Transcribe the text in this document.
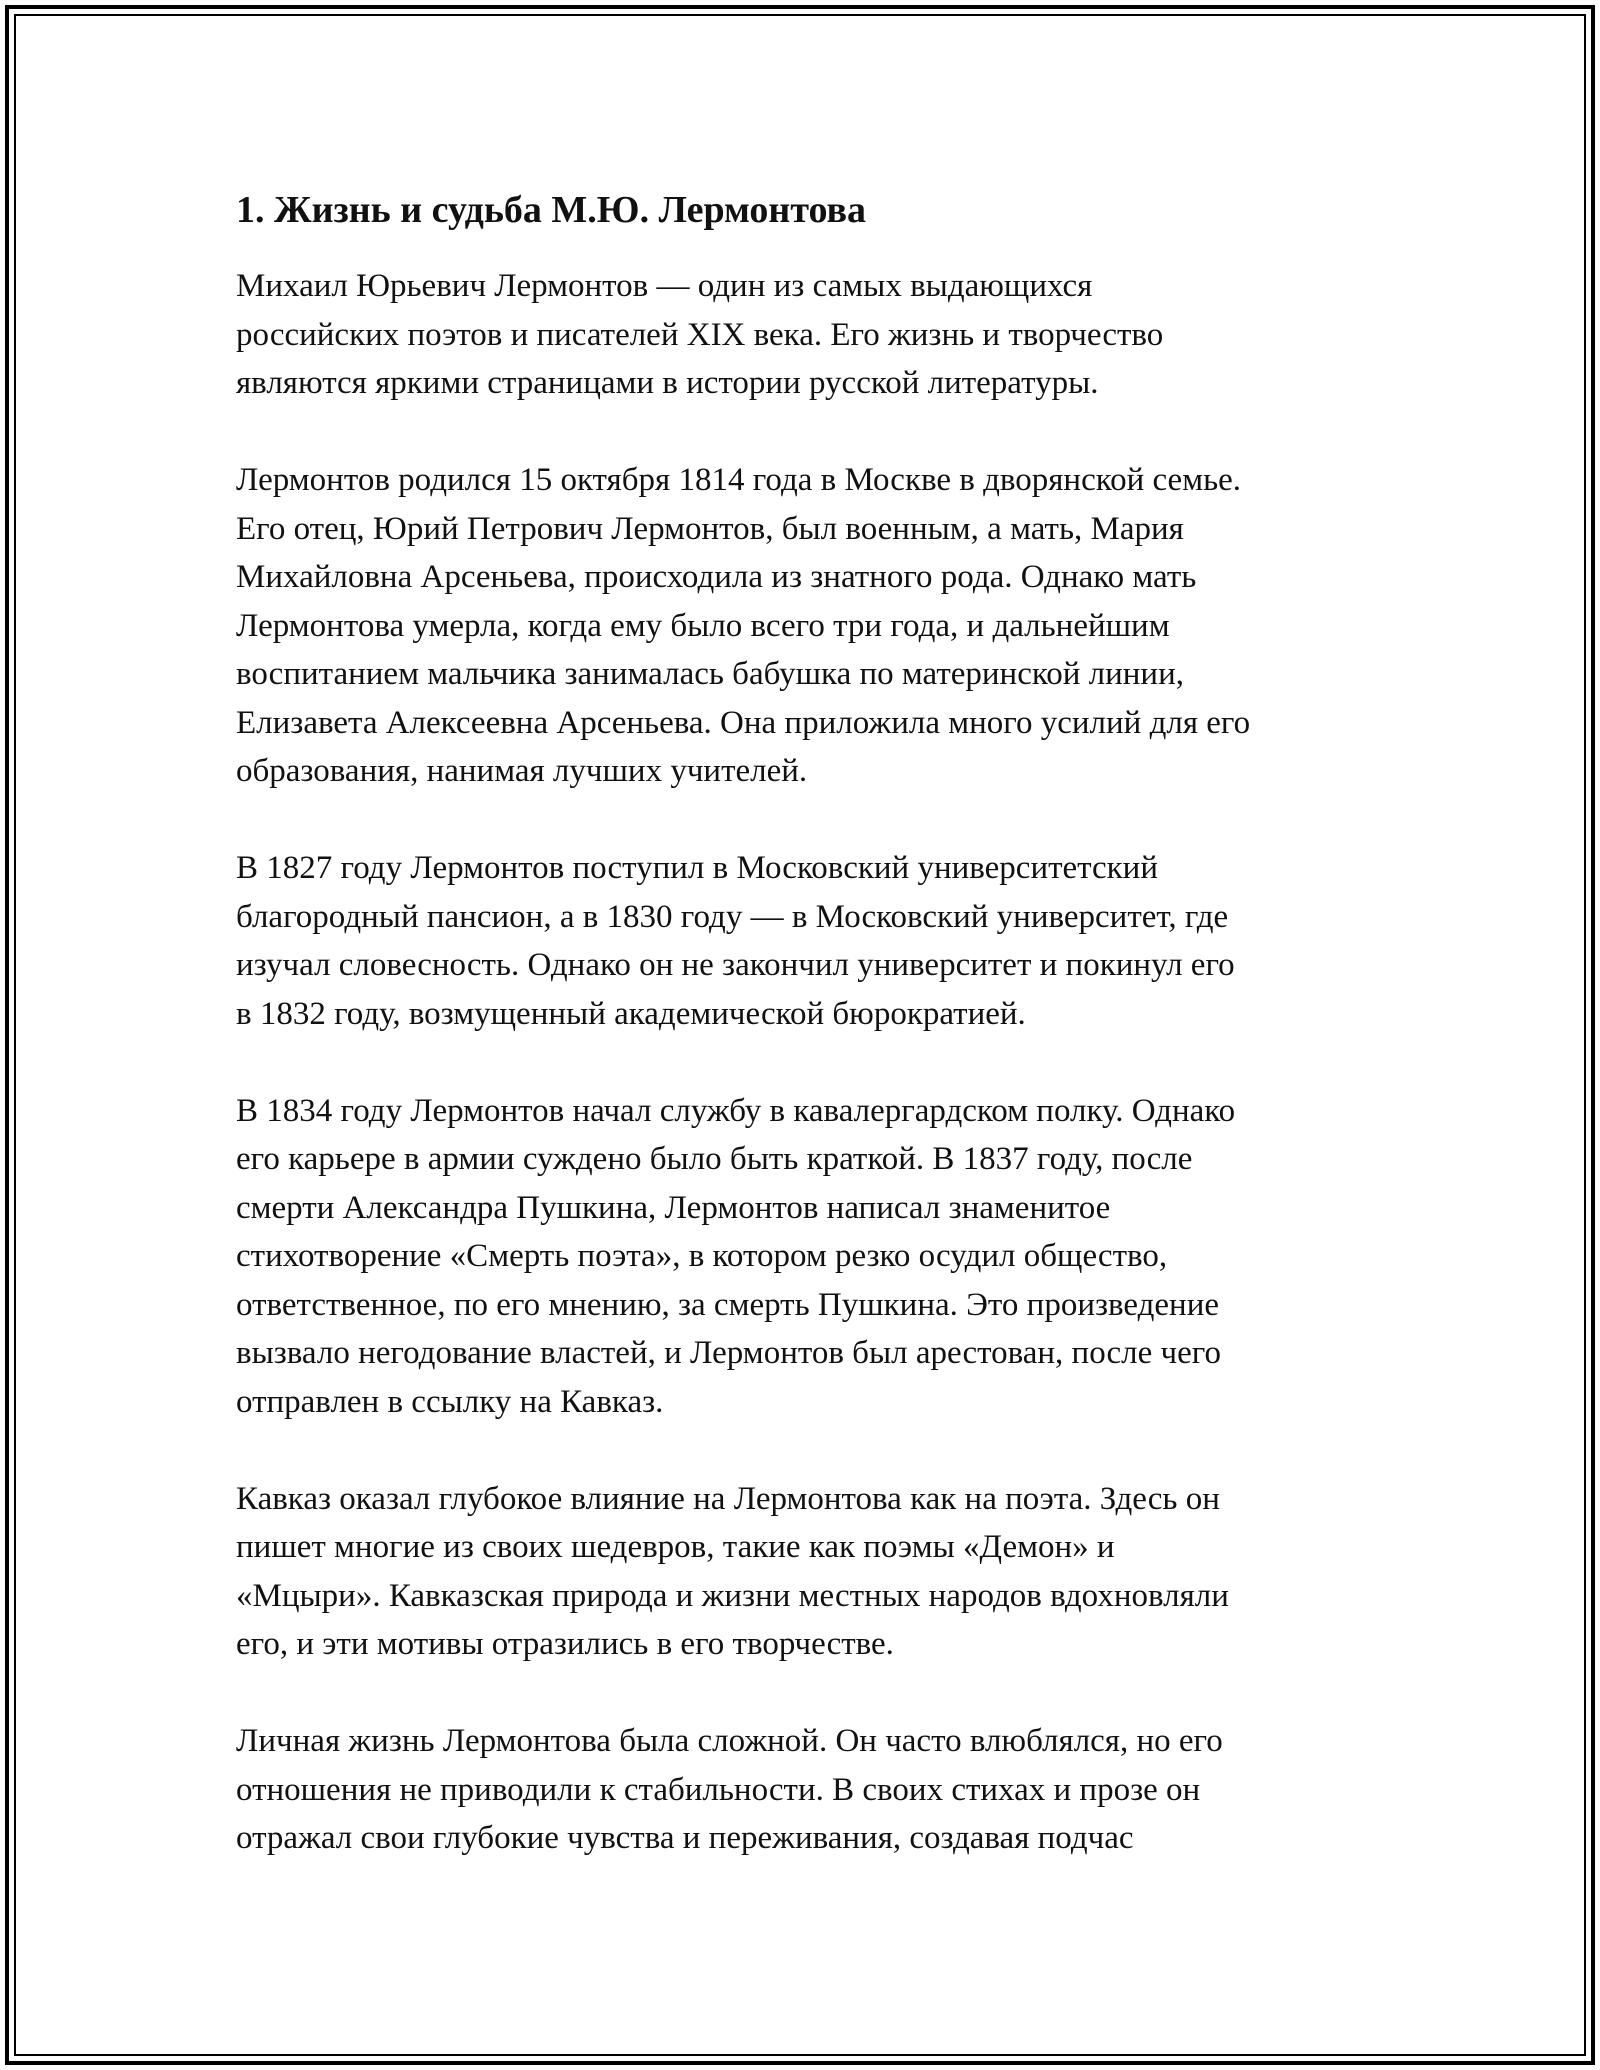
1. Жизнь и судьба М.Ю. Лермонтова

Михаил Юрьевич Лермонтов — один из самых выдающихся
российских поэтов и писателей XIX века. Его жизнь и творчество
являются яркими страницами в истории русской литературы.

Лермонтов родился 15 октября 1814 года в Москве в дворянской семье.
Его отец, Юрий Петрович Лермонтов, был военным, а мать, Мария
Михайловна Арсеньева, происходила из знатного рода. Однако мать
Лермонтова умерла, когда ему было всего три года, и дальнейшим
воспитанием мальчика занималась бабушка по материнской линии,
Елизавета Алексеевна Арсеньева. Она приложила много усилий для его
образования, нанимая лучших учителей.

В 1827 году Лермонтов поступил в Московский университетский
благородный пансион, а в 1830 году — в Московский университет, где
изучал словесность. Однако он не закончил университет и покинул его
в 1832 году, возмущенный академической бюрократией.

В 1834 году Лермонтов начал службу в кавалергардском полку. Однако
его карьере в армии суждено было быть краткой. В 1837 году, после
смерти Александра Пушкина, Лермонтов написал знаменитое
стихотворение «Смерть поэта», в котором резко осудил общество,
ответственное, по его мнению, за смерть Пушкина. Это произведение
вызвало негодование властей, и Лермонтов был арестован, после чего
отправлен в ссылку на Кавказ.

Кавказ оказал глубокое влияние на Лермонтова как на поэта. Здесь он
пишет многие из своих шедевров, такие как поэмы «Демон» и
«Мцыри». Кавказская природа и жизни местных народов вдохновляли
его, и эти мотивы отразились в его творчестве.

Личная жизнь Лермонтова была сложной. Он часто влюблялся, но его
отношения не приводили к стабильности. В своих стихах и прозе он
отражал свои глубокие чувства и переживания, создавая подчас
